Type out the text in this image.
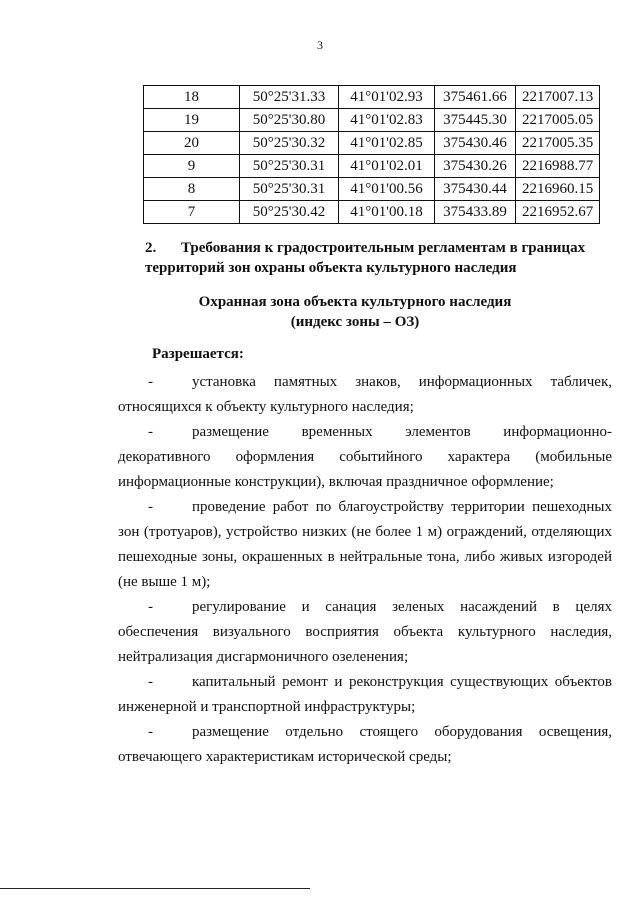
3
18	50°25'31.33	41°01'02.93	375461.66	2217007.13
19	50°25'30.80	41°01'02.83	375445.30	2217005.05
20	50°25'30.32	41°01'02.85	375430.46	2217005.35
9	50°25'30.31	41°01'02.01	375430.26	2216988.77
8	50°25'30.31	41°01'00.56	375430.44	2216960.15
7	50°25'30.42	41°01'00.18	375433.89	2216952.67
2. Требования к градостроительным регламентам в границах территорий зон охраны объекта культурного наследия
Охранная зона объекта культурного наследия
(индекс зоны – ОЗ)
Разрешается:
-	установка памятных знаков, информационных табличек, относящихся к объекту культурного наследия;
-	размещение временных элементов информационно-декоративного оформления событийного характера (мобильные информационные конструкции), включая праздничное оформление;
-	проведение работ по благоустройству территории пешеходных зон (тротуаров), устройство низких (не более 1 м) ограждений, отделяющих пешеходные зоны, окрашенных в нейтральные тона, либо живых изгородей (не выше 1 м);
-	регулирование и санация зеленых насаждений в целях обеспечения визуального восприятия объекта культурного наследия, нейтрализация дисгармоничного озеленения;
-	капитальный ремонт и реконструкция существующих объектов инженерной и транспортной инфраструктуры;
-	размещение отдельно стоящего оборудования освещения, отвечающего характеристикам исторической среды;
